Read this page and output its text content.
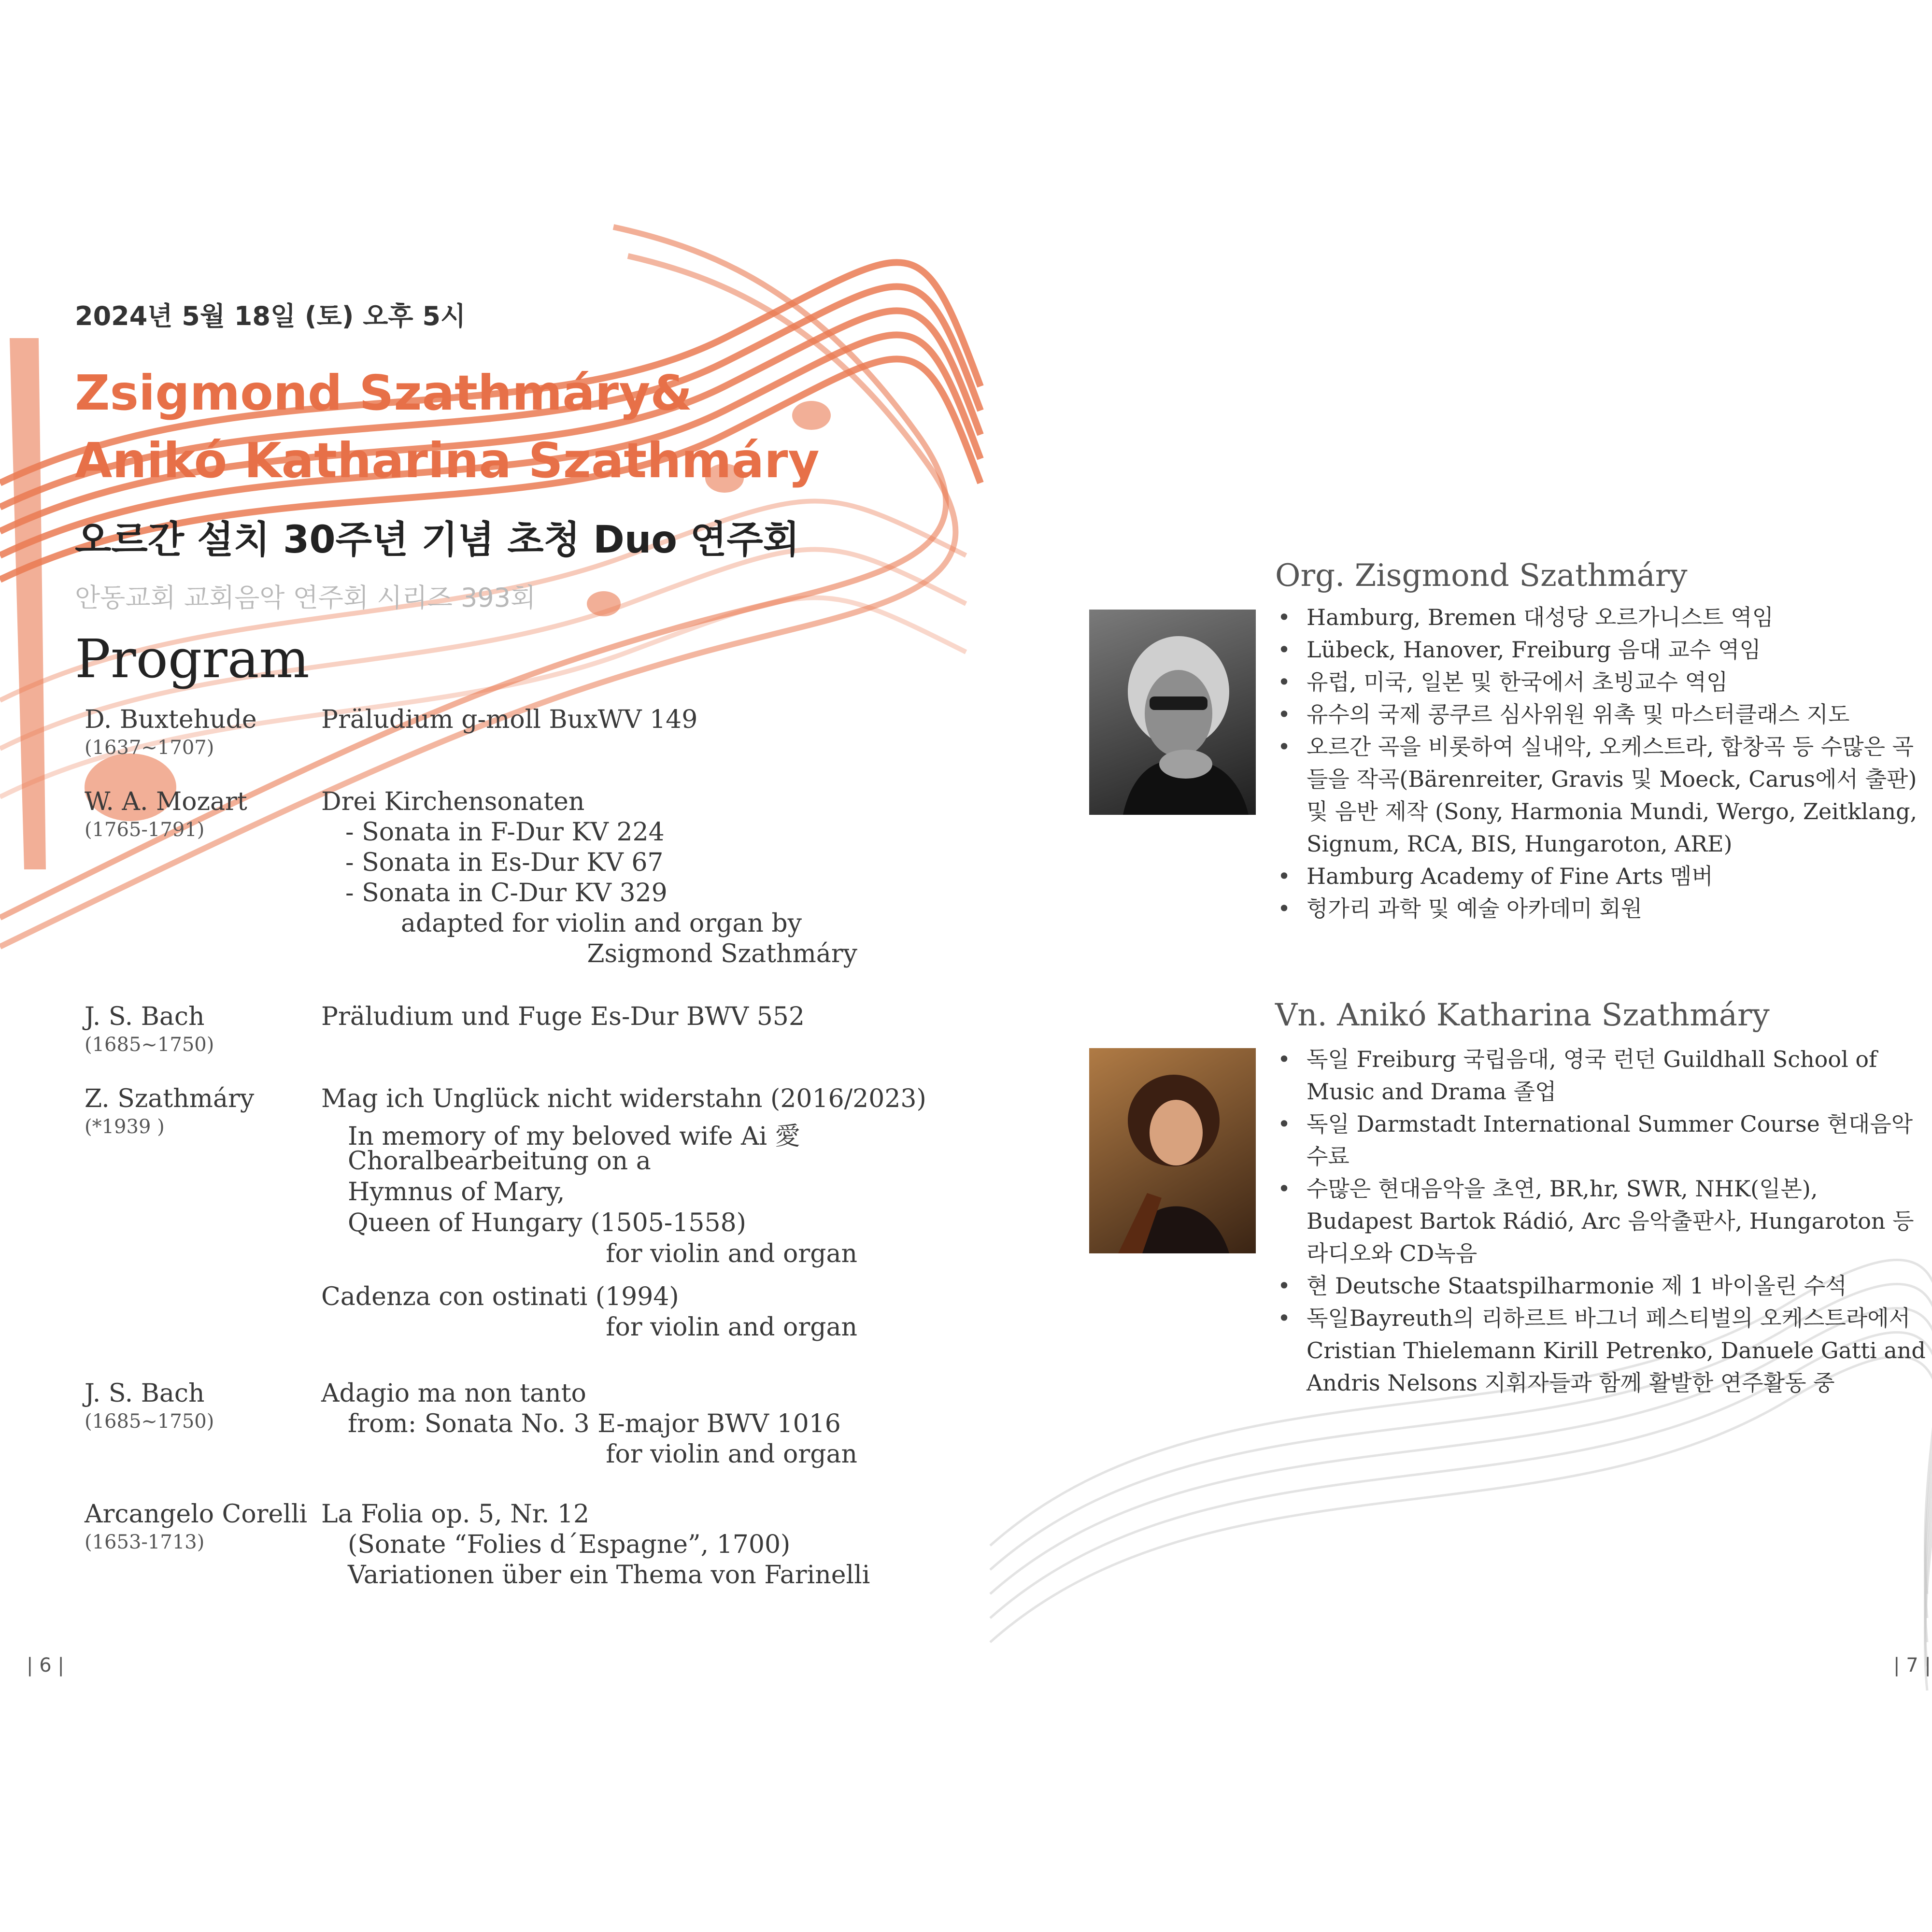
2024년 5월 18일 (토) 오후 5시
Zsigmond Szathmáry&
Anikó Katharina Szathmáry
오르간 설치 30주년 기념 초청 Duo 연주회
안동교회 교회음악 연주회 시리즈 393회
Program
D. Buxtehude
(1637~1707)
Präludium g-moll BuxWV 149
W. A. Mozart
(1765-1791)
Drei Kirchensonaten
- Sonata in F-Dur KV 224
- Sonata in Es-Dur KV 67
- Sonata in C-Dur KV 329
adapted for violin and organ by
Zsigmond Szathmáry
J. S. Bach
(1685~1750)
Präludium und Fuge Es-Dur BWV 552
Z. Szathmáry
(*1939 )
Mag ich Unglück nicht widerstahn (2016/2023)
In memory of my beloved wife Ai 愛
Choralbearbeitung on a
Hymnus of Mary,
Queen of Hungary (1505-1558)
for violin and organ
Cadenza con ostinati (1994)
for violin and organ
J. S. Bach
(1685~1750)
Adagio ma non tanto
from: Sonata No. 3 E-major BWV 1016
for violin and organ
Arcangelo Corelli
(1653-1713)
La Folia op. 5, Nr. 12
(Sonate “Folies d´Espagne”, 1700)
Variationen über ein Thema von Farinelli
| 6 |	| 7 |
Org. Zisgmond Szathmáry
• Hamburg, Bremen 대성당 오르가니스트 역임
• Lübeck, Hanover, Freiburg 음대 교수 역임
• 유럽, 미국, 일본 및 한국에서 초빙교수 역임
• 유수의 국제 콩쿠르 심사위원 위촉 및 마스터클래스 지도
• 오르간 곡을 비롯하여 실내악, 오케스트라, 합창곡 등 수많은 곡들을 작곡(Bärenreiter, Gravis 및 Moeck, Carus에서 출판) 및 음반 제작 (Sony, Harmonia Mundi, Wergo, Zeitklang, Signum, RCA, BIS, Hungaroton, ARE)
• Hamburg Academy of Fine Arts 멤버
• 헝가리 과학 및 예술 아카데미 회원
Vn. Anikó Katharina Szathmáry
• 독일 Freiburg 국립음대, 영국 런던 Guildhall School of Music and Drama 졸업
• 독일 Darmstadt International Summer Course 현대음악 수료
• 수많은 현대음악을 초연, BR,hr, SWR, NHK(일본), Budapest Bartok Rádió, Arc 음악출판사, Hungaroton 등 라디오와 CD녹음
• 현 Deutsche Staatspilharmonie 제 1 바이올린 수석
• 독일Bayreuth의 리하르트 바그너 페스티벌의 오케스트라에서 Cristian Thielemann Kirill Petrenko, Danuele Gatti and Andris Nelsons 지휘자들과 함께 활발한 연주활동 중
